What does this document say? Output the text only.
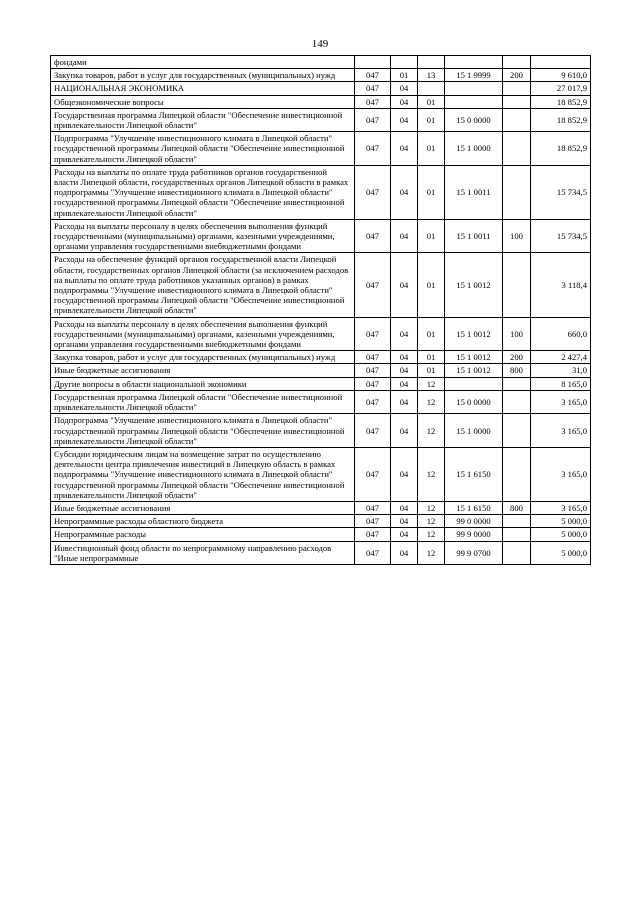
149
фондами						
Закупка товаров, работ и услуг для государственных (муниципальных) нужд	047	01	13	15 1 9999	200	9 610,0
НАЦИОНАЛЬНАЯ ЭКОНОМИКА	047	04				27 017,9
Общеэкономические вопросы	047	04	01			18 852,9
Государственная программа Липецкой области "Обеспечение инвестиционной привлекательности Липецкой области"	047	04	01	15 0 0000		18 852,9
Подпрограмма "Улучшение инвестиционного климата в Липецкой области" государственной программы Липецкой области "Обеспечение инвестиционной привлекательности Липецкой области"	047	04	01	15 1 0000		18 852,9
Расходы на выплаты по оплате труда работников органов государственной власти Липецкой области, государственных органов Липецкой области в рамках подпрограммы "Улучшение инвестиционного климата в Липецкой области" государственной программы Липецкой области "Обеспечение инвестиционной привлекательности Липецкой области"	047	04	01	15 1 0011		15 734,5
Расходы на выплаты персоналу в целях обеспечения выполнения функций государственными (муниципальными) органами, казенными учреждениями, органами управления государственными внебюджетными фондами	047	04	01	15 1 0011	100	15 734,5
Расходы на обеспечение функций органов государственной власти Липецкой области, государственных органов Липецкой области (за исключением расходов на выплаты по оплате труда работников указанных органов) в рамках подпрограммы "Улучшение инвестиционного климата в Липецкой области" государственной программы Липецкой области "Обеспечение инвестиционной привлекательности Липецкой области"	047	04	01	15 1 0012		3 118,4
Расходы на выплаты персоналу в целях обеспечения выполнения функций государственными (муниципальными) органами, казенными учреждениями, органами управления государственными внебюджетными фондами	047	04	01	15 1 0012	100	660,0
Закупка товаров, работ и услуг для государственных (муниципальных) нужд	047	04	01	15 1 0012	200	2 427,4
Иные бюджетные ассигнования	047	04	01	15 1 0012	800	31,0
Другие вопросы в области национальной экономики	047	04	12			8 165,0
Государственная программа Липецкой области "Обеспечение инвестиционной привлекательности Липецкой области"	047	04	12	15 0 0000		3 165,0
Подпрограмма "Улучшение инвестиционного климата в Липецкой области" государственной программы Липецкой области "Обеспечение инвестиционной привлекательности Липецкой области"	047	04	12	15 1 0000		3 165,0
Субсидии юридическим лицам на возмещение затрат по осуществлению деятельности центра привлечения инвестиций в Липецкую область в рамках подпрограммы "Улучшение инвестиционного климата в Липецкой области" государственной программы Липецкой области "Обеспечение инвестиционной привлекательности Липецкой области"	047	04	12	15 1 6150		3 165,0
Иные бюджетные ассигнования	047	04	12	15 1 6150	800	3 165,0
Непрограммные расходы областного бюджета	047	04	12	99 0 0000		5 000,0
Непрограммные расходы	047	04	12	99 9 0000		5 000,0
Инвестиционный фонд области по непрограммному направлению расходов "Иные непрограммные	047	04	12	99 9 0700		5 000,0
